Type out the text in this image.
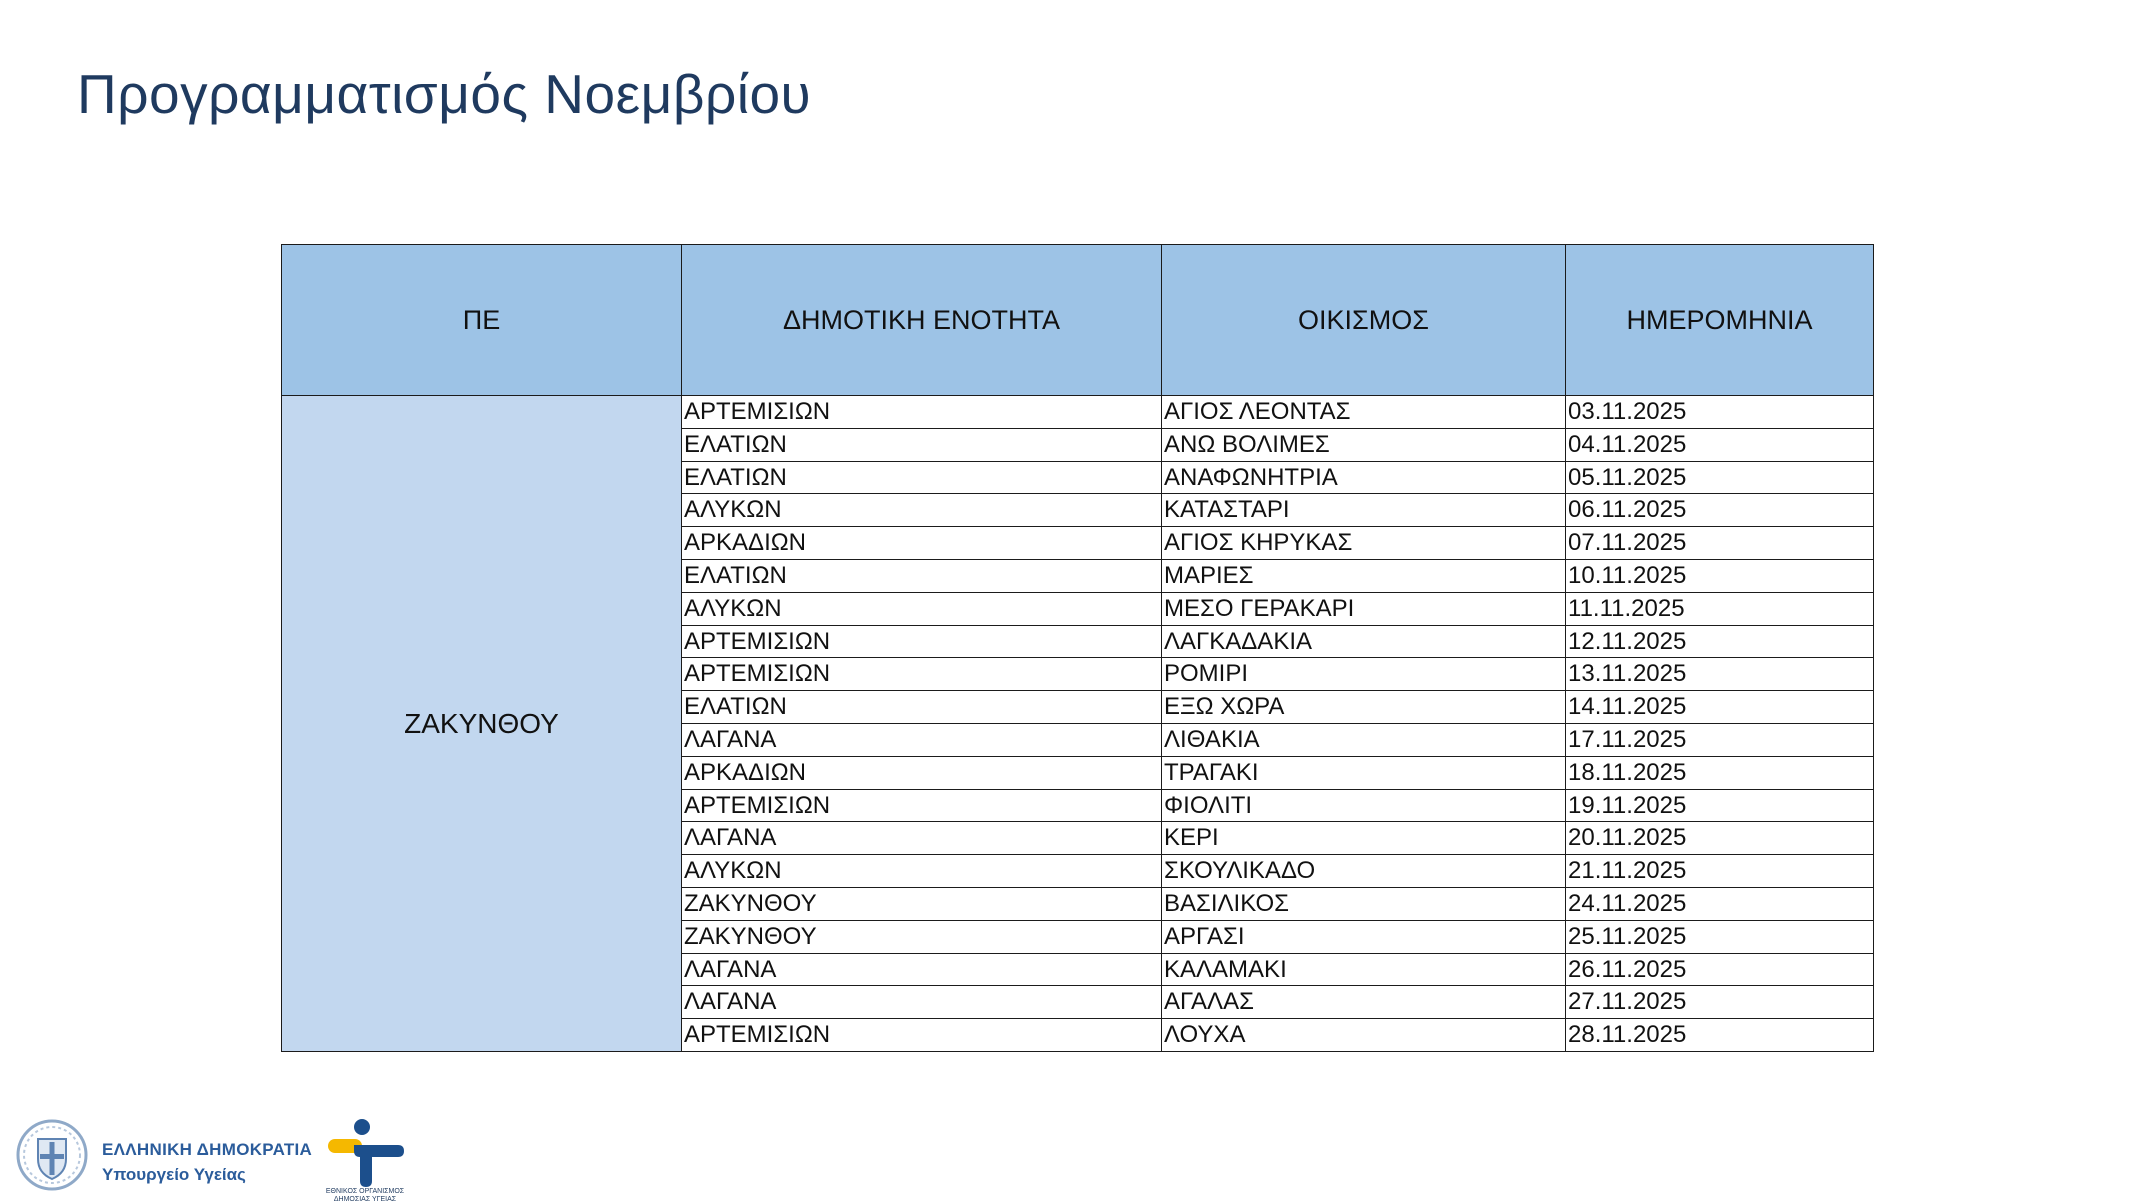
Προγραμματισμός Νοεμβρίου
ΠΕ	ΔΗΜΟΤΙΚΗ ΕΝΟΤΗΤΑ	ΟΙΚΙΣΜΟΣ	ΗΜΕΡΟΜΗΝΙΑ
ΖΑΚΥΝΘΟΥ	ΑΡΤΕΜΙΣΙΩΝ	ΑΓΙΟΣ ΛΕΟΝΤΑΣ	03.11.2025
	ΕΛΑΤΙΩΝ	ΑΝΩ ΒΟΛΙΜΕΣ	04.11.2025
	ΕΛΑΤΙΩΝ	ΑΝΑΦΩΝΗΤΡΙΑ	05.11.2025
	ΑΛΥΚΩΝ	ΚΑΤΑΣΤΑΡΙ	06.11.2025
	ΑΡΚΑΔΙΩΝ	ΑΓΙΟΣ ΚΗΡΥΚΑΣ	07.11.2025
	ΕΛΑΤΙΩΝ	ΜΑΡΙΕΣ	10.11.2025
	ΑΛΥΚΩΝ	ΜΕΣΟ ΓΕΡΑΚΑΡΙ	11.11.2025
	ΑΡΤΕΜΙΣΙΩΝ	ΛΑΓΚΑΔΑΚΙΑ	12.11.2025
	ΑΡΤΕΜΙΣΙΩΝ	ΡΟΜΙΡΙ	13.11.2025
	ΕΛΑΤΙΩΝ	ΕΞΩ ΧΩΡΑ	14.11.2025
	ΛΑΓΑΝΑ	ΛΙΘΑΚΙΑ	17.11.2025
	ΑΡΚΑΔΙΩΝ	ΤΡΑΓΑΚΙ	18.11.2025
	ΑΡΤΕΜΙΣΙΩΝ	ΦΙΟΛΙΤΙ	19.11.2025
	ΛΑΓΑΝΑ	ΚΕΡΙ	20.11.2025
	ΑΛΥΚΩΝ	ΣΚΟΥΛΙΚΑΔΟ	21.11.2025
	ΖΑΚΥΝΘΟΥ	ΒΑΣΙΛΙΚΟΣ	24.11.2025
	ΖΑΚΥΝΘΟΥ	ΑΡΓΑΣΙ	25.11.2025
	ΛΑΓΑΝΑ	ΚΑΛΑΜΑΚΙ	26.11.2025
	ΛΑΓΑΝΑ	ΑΓΑΛΑΣ	27.11.2025
	ΑΡΤΕΜΙΣΙΩΝ	ΛΟΥΧΑ	28.11.2025
ΕΛΛΗΝΙΚΗ ΔΗΜΟΚΡΑΤΙΑ
Υπουργείο Υγείας
ΕΘΝΙΚΟΣ ΟΡΓΑΝΙΣΜΟΣ ΔΗΜΟΣΙΑΣ ΥΓΕΙΑΣ
